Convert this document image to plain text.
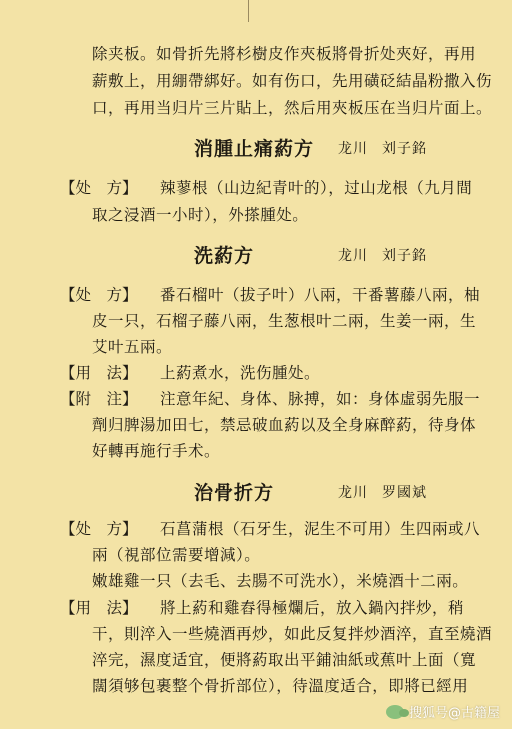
除夹板。如骨折先將杉樹皮作夾板將骨折处夾好，再用
薪敷上，用綳帶綁好。如有伤口，先用磺砭結晶粉撒入伤
口，再用当归片三片貼上，然后用夾板压在当归片面上。
消腫止痛葯方 龙川 刘子銘
【处　方】 辣蓼根（山边紀青叶的），过山龙根（九月間
取之浸酒一小时），外搽腫处。
洗葯方	龙川 刘子銘
【处　方】 番石榴叶（拔子叶）八兩，干番薯藤八兩，柚
皮一只，石榴子藤八兩，生葱根叶二兩，生姜一兩，生
艾叶五兩。
【用　法】 上葯煮水，洗伤腫处。
【附　注】 注意年紀、身体、脉搏，如：身体虛弱先服一
劑归脾湯加田七，禁忌破血葯以及全身麻醉葯，待身体
好轉再施行手术。
治骨折方	龙川 罗國斌
【处　方】 石菖蒲根（石牙生，泥生不可用）生四兩或八
兩（視部位需要增減）。
嫩雄雞一只（去毛、去腸不可洗水），米燒酒十二兩。
【用　法】 將上葯和雞舂得極爛后，放入鍋內拌炒，稍
干，則淬入一些燒酒再炒，如此反复拌炒酒淬，直至燒酒
淬完，濕度适宜，便將葯取出平鋪油紙或蕉叶上面（寬
闊須够包裹整个骨折部位），待溫度适合，即將已經用
搜狐号@古籍屋
